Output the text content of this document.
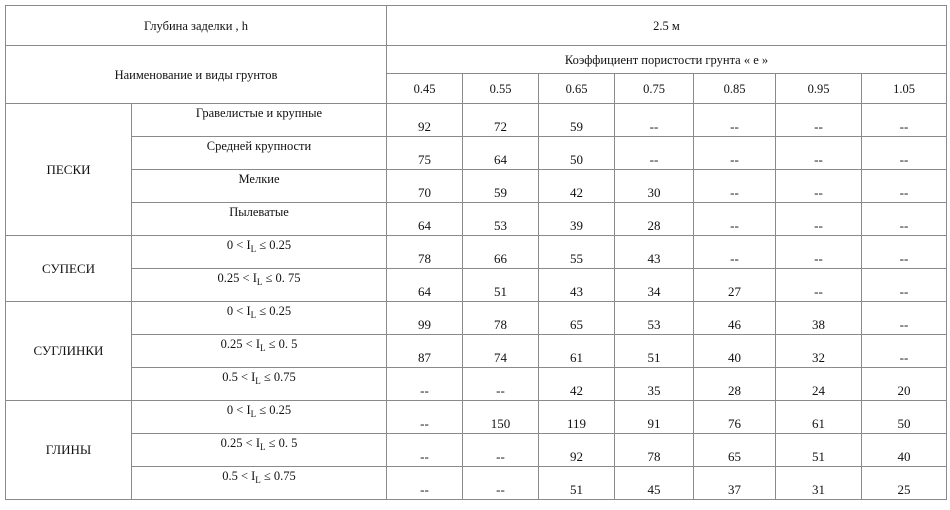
Глубина заделки , h		2.5 м						
Наименование и виды грунтов		Коэффициент пористости грунта « е »						
		0.45	0.55	0.65	0.75	0.85	0.95	1.05
ПЕСКИ	Гравелистые и крупные	92	72	59	--	--	--	--
	Средней крупности	75	64	50	--	--	--	--
	Мелкие	70	59	42	30	--	--	--
	Пылеватые	64	53	39	28	--	--	--
СУПЕСИ	$0 < I_L \le 0.25$	78	66	55	43	--	--	--
	$0.25 < I_L \le 0$. 75	64	51	43	34	27	--	--
СУГЛИНКИ	$0 < I_L \le 0.25$	99	78	65	53	46	38	--
	$0.25 < I_L \le 0$. 5	87	74	61	51	40	32	--
	$0.5 < I_L \le 0.75$	--	--	42	35	28	24	20
ГЛИНЫ	$0 < I_L \le 0.25$	--	150	119	91	76	61	50
	$0.25 < I_L \le 0$. 5	--	--	92	78	65	51	40
	$0.5 < I_L \le 0.75$	--	--	51	45	37	31	25
